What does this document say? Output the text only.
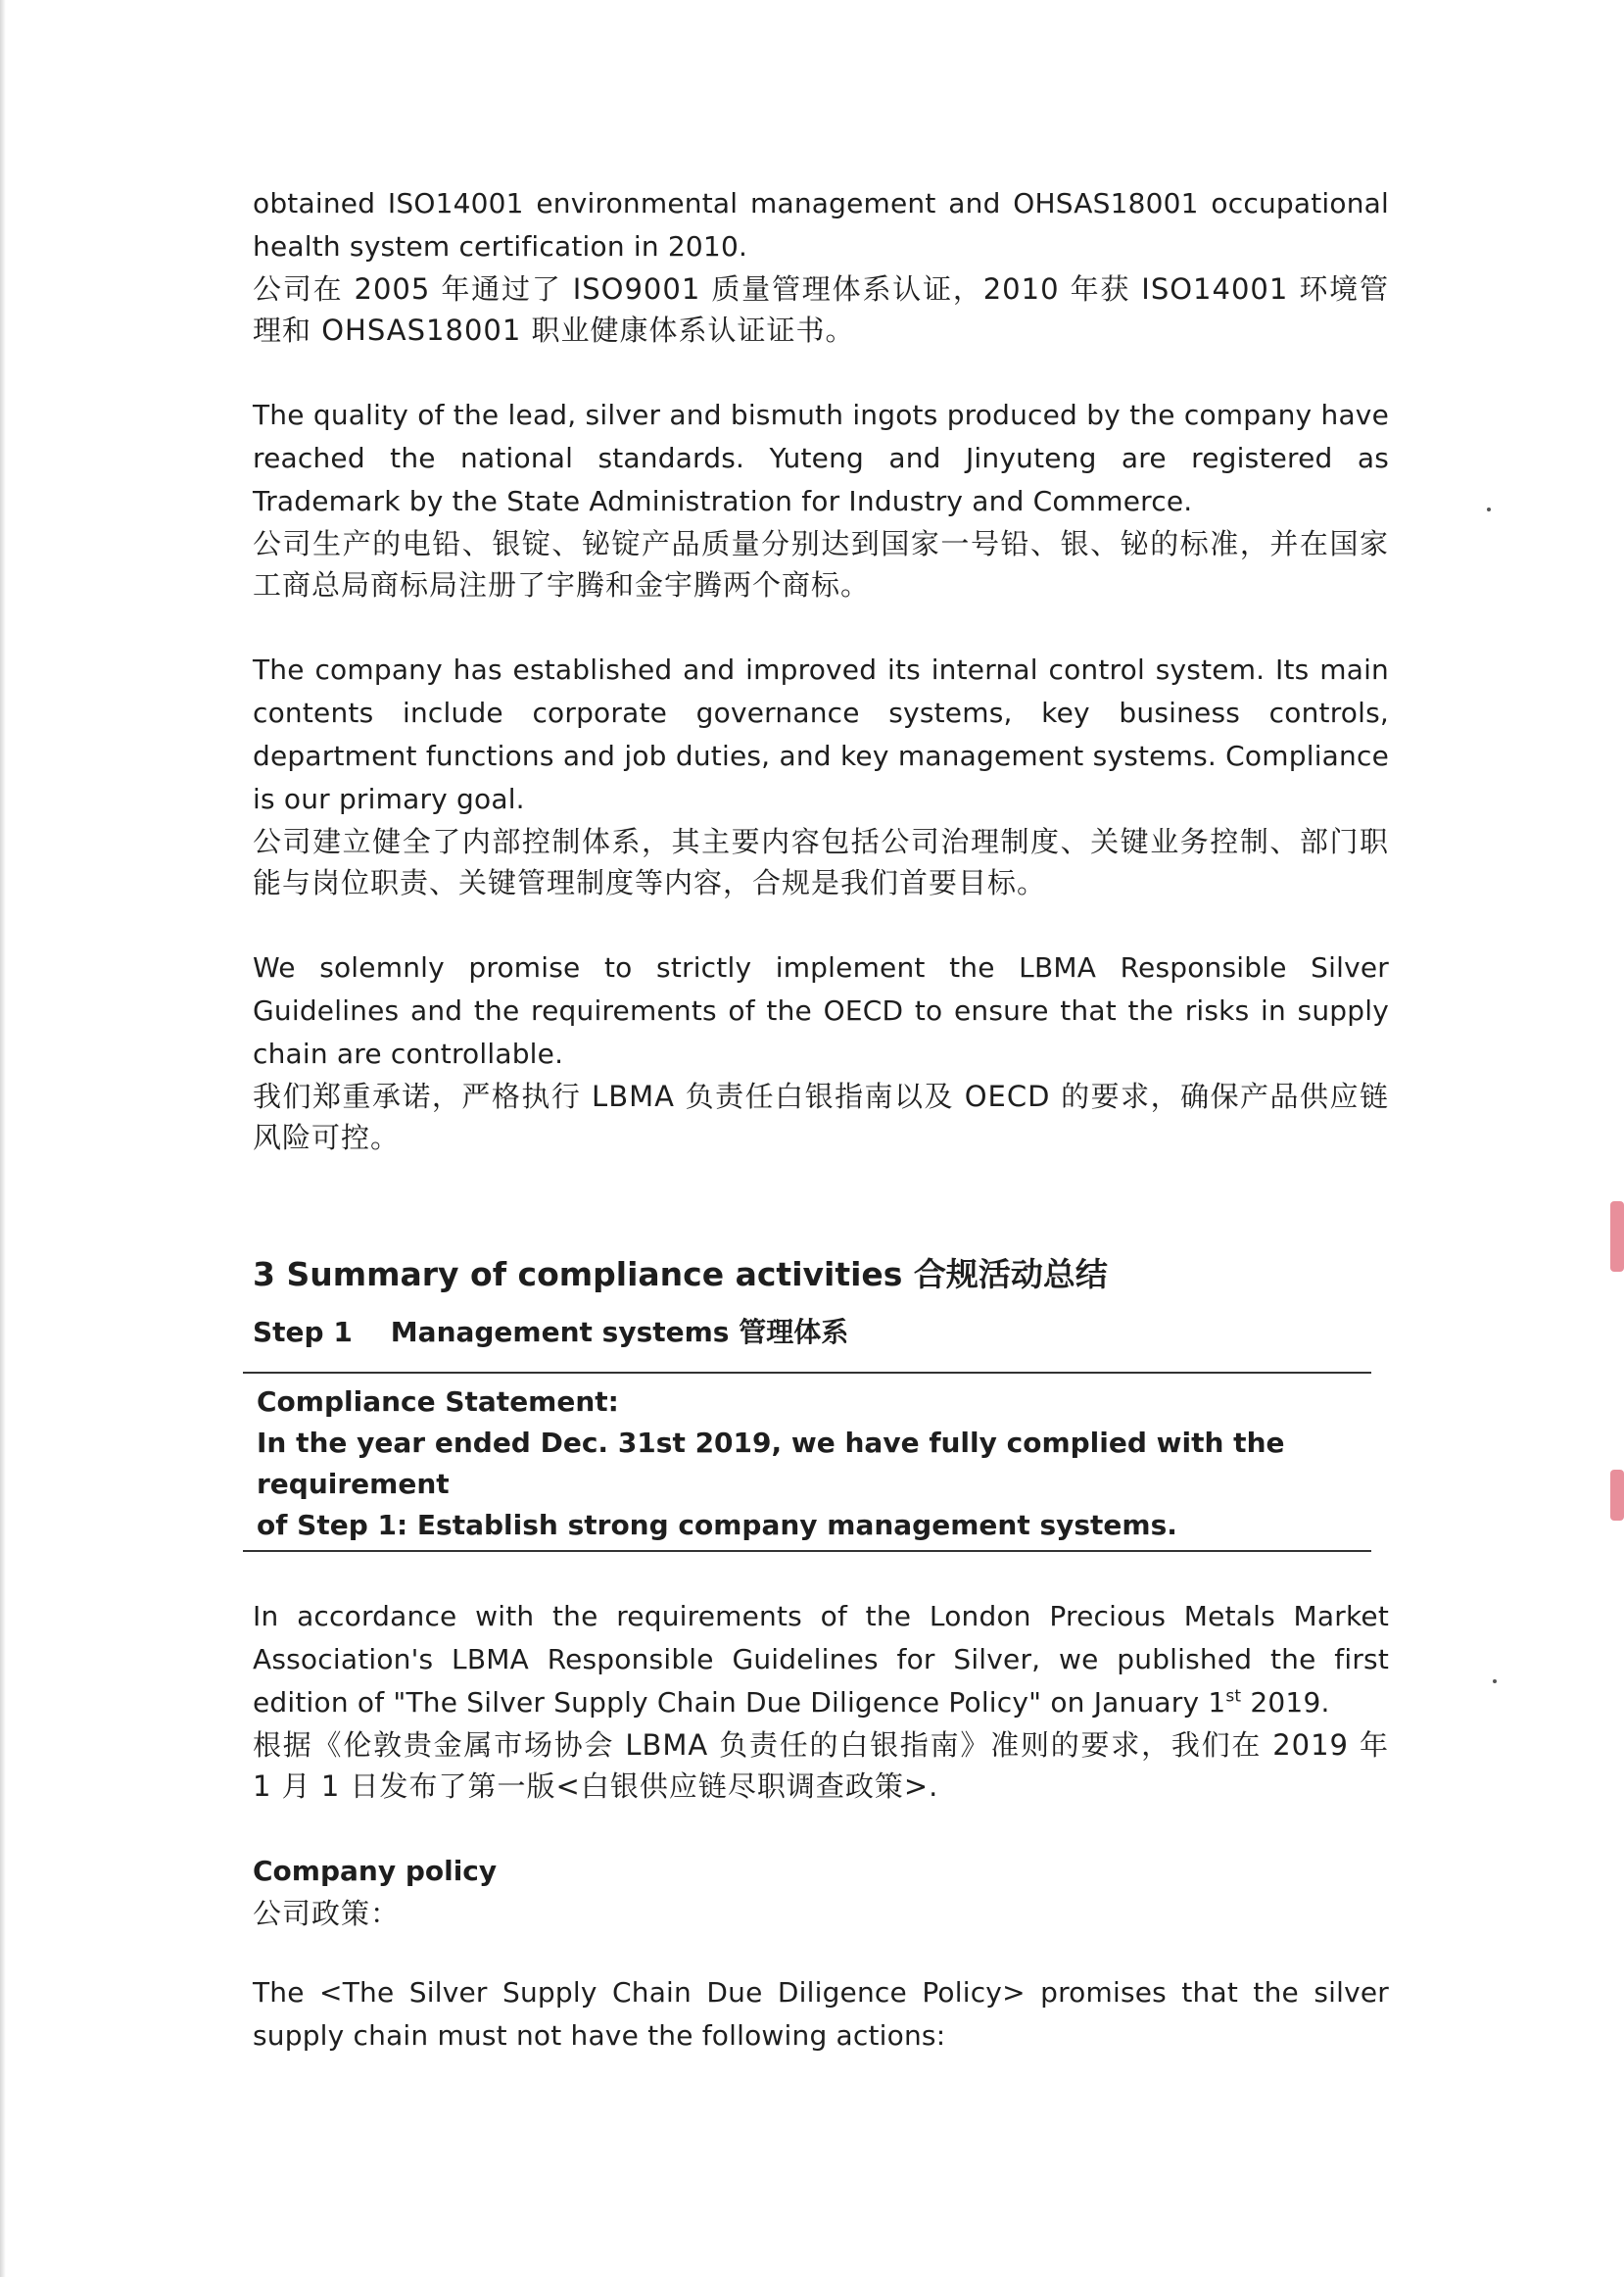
obtained ISO14001 environmental management and OHSAS18001 occupational health system certification in 2010.

公司在 2005 年通过了 ISO9001 质量管理体系认证，2010 年获 ISO14001 环境管理和 OHSAS18001 职业健康体系认证证书。

The quality of the lead, silver and bismuth ingots produced by the company have reached the national standards. Yuteng and Jinyuteng are registered as Trademark by the State Administration for Industry and Commerce.

公司生产的电铅、银锭、铋锭产品质量分别达到国家一号铅、银、铋的标准，并在国家工商总局商标局注册了宇腾和金宇腾两个商标。

The company has established and improved its internal control system. Its main contents include corporate governance systems, key business controls, department functions and job duties, and key management systems. Compliance is our primary goal.

公司建立健全了内部控制体系，其主要内容包括公司治理制度、关键业务控制、部门职能与岗位职责、关键管理制度等内容，合规是我们首要目标。

We solemnly promise to strictly implement the LBMA Responsible Silver Guidelines and the requirements of the OECD to ensure that the risks in supply chain are controllable.

我们郑重承诺，严格执行 LBMA 负责任白银指南以及 OECD 的要求，确保产品供应链风险可控。

3 Summary of compliance activities 合规活动总结
Step 1    Management systems 管理体系

Compliance Statement:

In the year ended Dec. 31st 2019, we have fully complied with the requirement

of Step 1: Establish strong company management systems.

In accordance with the requirements of the London Precious Metals Market Association's LBMA Responsible Guidelines for Silver, we published the first edition of "The Silver Supply Chain Due Diligence Policy" on January 1st 2019.

根据《伦敦贵金属市场协会 LBMA 负责任的白银指南》准则的要求，我们在 2019 年 1 月 1 日发布了第一版<白银供应链尽职调查政策>.

Company policy

公司政策：

The <The Silver Supply Chain Due Diligence Policy> promises that the silver supply chain must not have the following actions:
